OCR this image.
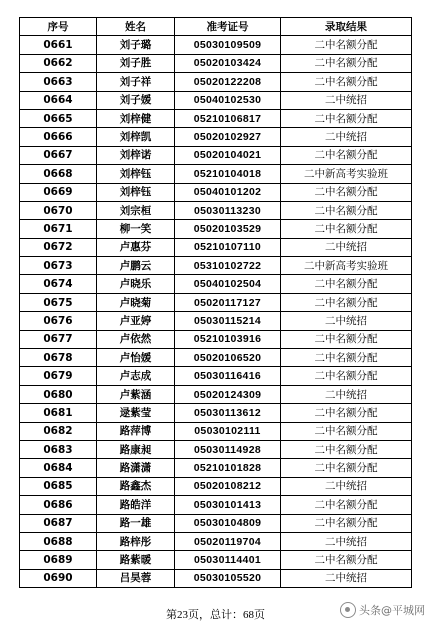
序号	姓名	准考证号	录取结果
0661	刘子璐	05030109509	二中名额分配
0662	刘子胜	05020103424	二中名额分配
0663	刘子祥	05020122208	二中名额分配
0664	刘子媛	05040102530	二中统招
0665	刘梓健	05210106817	二中名额分配
0666	刘梓凯	05020102927	二中统招
0667	刘梓诺	05020104021	二中名额分配
0668	刘梓钰	05210104018	二中新高考实验班
0669	刘梓钰	05040101202	二中名额分配
0670	刘宗桓	05030113230	二中名额分配
0671	柳一笑	05020103529	二中名额分配
0672	卢惠芬	05210107110	二中统招
0673	卢鹏云	05310102722	二中新高考实验班
0674	卢晓乐	05040102504	二中名额分配
0675	卢晓菊	05020117127	二中名额分配
0676	卢亚婷	05030115214	二中统招
0677	卢依然	05210103916	二中名额分配
0678	卢怡媛	05020106520	二中名额分配
0679	卢志成	05030116416	二中名额分配
0680	卢紫涵	05020124309	二中统招
0681	逯紫莹	05030113612	二中名额分配
0682	路萍博	05030102111	二中名额分配
0683	路康昶	05030114928	二中名额分配
0684	路潇潇	05210101828	二中名额分配
0685	路鑫杰	05020108212	二中统招
0686	路皓洋	05030101413	二中名额分配
0687	路一雄	05030104809	二中名额分配
0688	路梓彤	05020119704	二中统招
0689	路紫暖	05030114401	二中名额分配
0690	吕昊蓉	05030105520	二中统招
第23页，总计：68页	头条@平城网
